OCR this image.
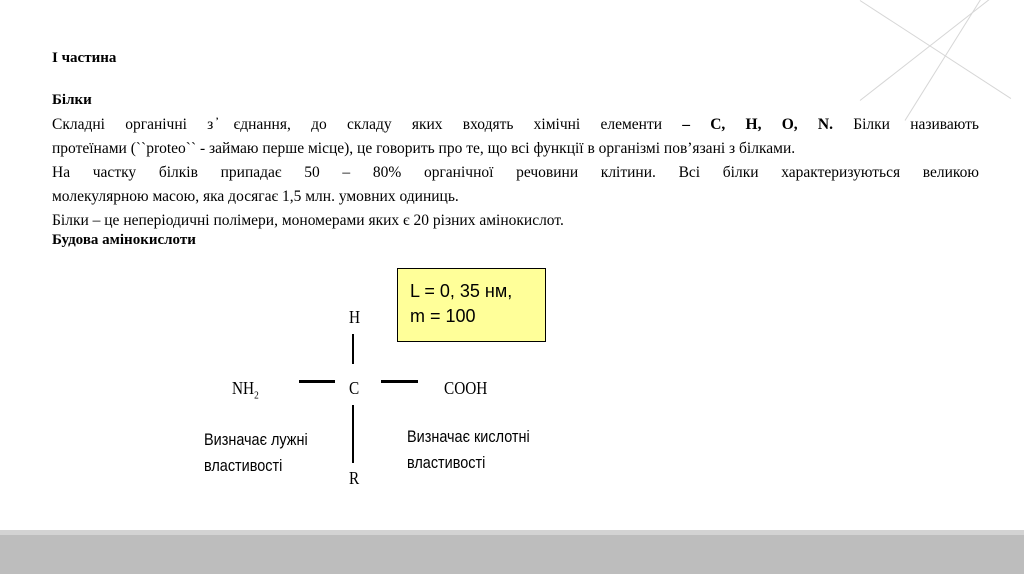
І частина
Білки
Складні органічні з ̓єднання, до складу яких входять хімічні елементи – С, Н, О, N. Білки називають
протеїнами (``proteo`` - займаю перше місце), це говорить про те, що всі функції в організмі пов’язані з білками.
На частку білків припадає 50 – 80% органічної речовини клітини. Всі білки характеризуються великою
молекулярною масою, яка досягає 1,5 млн. умовних одиниць.
Білки – це неперіодичні полімери, мономерами яких є 20 різних амінокислот.
Будова амінокислоти
L = 0, 35 нм,
m = 100
H
$NH_2$	C	COOH
R
Визначає лужні
властивості
Визначає кислотні
властивості
